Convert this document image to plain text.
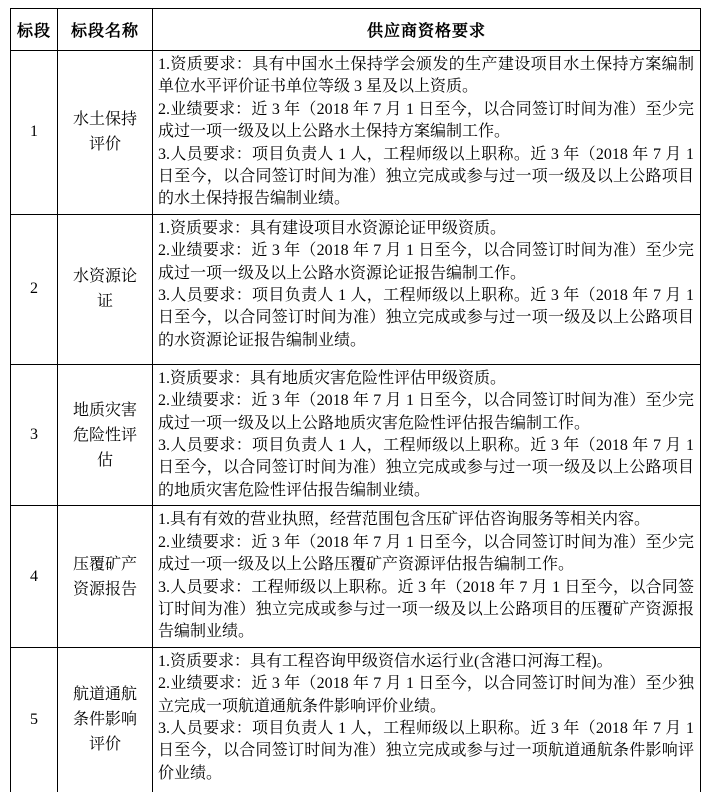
标段	标段名称	供应商资格要求
1	水土保持评价	1.资质要求：具有中国水土保持学会颁发的生产建设项目水土保持方案编制单位水平评价证书单位等级 3 星及以上资质。
2.业绩要求：近 3 年（2018 年 7 月 1 日至今，以合同签订时间为准）至少完成过一项一级及以上公路水土保持方案编制工作。
3.人员要求：项目负责人 1 人，工程师级以上职称。近 3 年（2018 年 7 月 1 日至今，以合同签订时间为准）独立完成或参与过一项一级及以上公路项目的水土保持报告编制业绩。

2	水资源论证	1.资质要求：具有建设项目水资源论证甲级资质。
2.业绩要求：近 3 年（2018 年 7 月 1 日至今，以合同签订时间为准）至少完成过一项一级及以上公路水资源论证报告编制工作。
3.人员要求：项目负责人 1 人，工程师级以上职称。近 3 年（2018 年 7 月 1 日至今，以合同签订时间为准）独立完成或参与过一项一级及以上公路项目的水资源论证报告编制业绩。

3	地质灾害危险性评估	1.资质要求：具有地质灾害危险性评估甲级资质。
2.业绩要求：近 3 年（2018 年 7 月 1 日至今，以合同签订时间为准）至少完成过一项一级及以上公路地质灾害危险性评估报告编制工作。
3.人员要求：项目负责人 1 人，工程师级以上职称。近 3 年（2018 年 7 月 1 日至今，以合同签订时间为准）独立完成或参与过一项一级及以上公路项目的地质灾害危险性评估报告编制业绩。

4	压覆矿产资源报告	1.具有有效的营业执照，经营范围包含压矿评估咨询服务等相关内容。
2.业绩要求：近 3 年（2018 年 7 月 1 日至今，以合同签订时间为准）至少完成过一项一级及以上公路压覆矿产资源评估报告编制工作。
3.人员要求：工程师级以上职称。近 3 年（2018 年 7 月 1 日至今，以合同签订时间为准）独立完成或参与过一项一级及以上公路项目的压覆矿产资源报告编制业绩。

5	航道通航条件影响评价	1.资质要求：具有工程咨询甲级资信水运行业(含港口河海工程)。
2.业绩要求：近 3 年（2018 年 7 月 1 日至今，以合同签订时间为准）至少独立完成一项航道通航条件影响评价业绩。
3.人员要求：项目负责人 1 人，工程师级以上职称。近 3 年（2018 年 7 月 1 日至今，以合同签订时间为准）独立完成或参与过一项航道通航条件影响评价业绩。
